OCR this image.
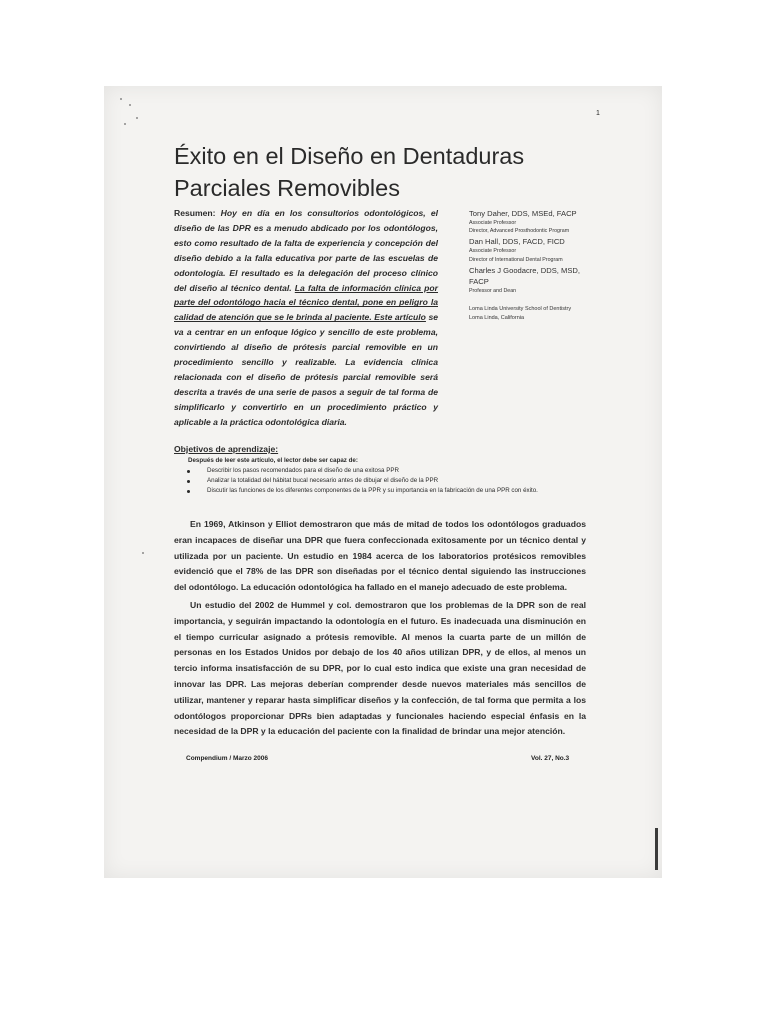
1
Éxito en el Diseño en Dentaduras
Parciales Removibles
Resumen: Hoy en día en los consultorios odontológicos, el diseño de las DPR es a menudo abdicado por los odontólogos, esto como resultado de la falta de experiencia y concepción del diseño debido a la falla educativa por parte de las escuelas de odontología. El resultado es la delegación del proceso clínico del diseño al técnico dental. La falta de información clínica por parte del odontólogo hacia el técnico dental, pone en peligro la calidad de atención que se le brinda al paciente. Este artículo se va a centrar en un enfoque lógico y sencillo de este problema, convirtiendo al diseño de prótesis parcial removible en un procedimiento sencillo y realizable. La evidencia clínica relacionada con el diseño de prótesis parcial removible será descrita a través de una serie de pasos a seguir de tal forma de simplificarlo y convertirlo en un procedimiento práctico y aplicable a la práctica odontológica diaria.
Tony Daher, DDS, MSEd, FACP
Associate Professor
Director, Advanced Prosthodontic Program
Dan Hall, DDS, FACD, FICD
Associate Professor
Director of International Dental Program
Charles J Goodacre, DDS, MSD, FACP
Professor and Dean
Loma Linda University School of Dentistry
Loma Linda, California
Objetivos de aprendizaje:
Después de leer este artículo, el lector debe ser capaz de:
Describir los pasos recomendados para el diseño de una exitosa PPR
Analizar la totalidad del hábitat bucal necesario antes de dibujar el diseño de la PPR
Discutir las funciones de los diferentes componentes de la PPR y su importancia en la fabricación de una PPR con éxito.

En 1969, Atkinson y Elliot demostraron que más de mitad de todos los odontólogos graduados eran incapaces de diseñar una DPR que fuera confeccionada exitosamente por un técnico dental y utilizada por un paciente. Un estudio en 1984 acerca de los laboratorios protésicos removibles evidenció que el 78% de las DPR son diseñadas por el técnico dental siguiendo las instrucciones del odontólogo. La educación odontológica ha fallado en el manejo adecuado de este problema.

Un estudio del 2002 de Hummel y col. demostraron que los problemas de la DPR son de real importancia, y seguirán impactando la odontología en el futuro. Es inadecuada una disminución en el tiempo curricular asignado a prótesis removible. Al menos la cuarta parte de un millón de personas en los Estados Unidos por debajo de los 40 años utilizan DPR, y de ellos, al menos un tercio informa insatisfacción de su DPR, por lo cual esto indica que existe una gran necesidad de innovar las DPR. Las mejoras deberían comprender desde nuevos materiales más sencillos de utilizar, mantener y reparar hasta simplificar diseños y la confección, de tal forma que permita a los odontólogos proporcionar DPRs bien adaptadas y funcionales haciendo especial énfasis en la necesidad de la DPR y la educación del paciente con la finalidad de brindar una mejor atención.

Compendium / Marzo 2006	Vol. 27, No.3
